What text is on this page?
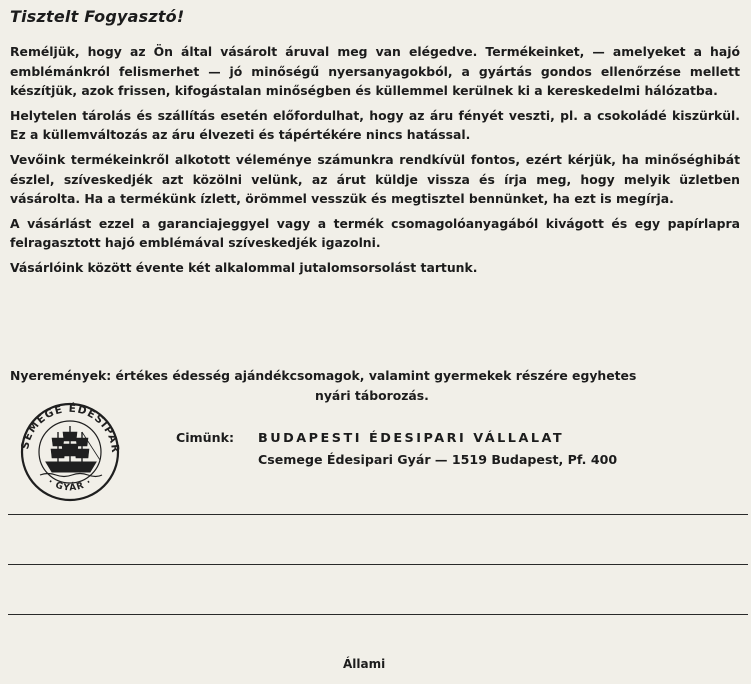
Tisztelt Fogyasztó!

Reméljük, hogy az Ön által vásárolt áruval meg van elégedve. Termékeinket, — amelyeket a hajó emblémánkról felismerhet — jó minőségű nyersanyagokból, a gyártás gondos ellenőrzése mellett készítjük, azok frissen, kifogástalan minőségben és küllemmel kerülnek ki a kereskedelmi hálózatba.

Helytelen tárolás és szállítás esetén előfordulhat, hogy az áru fényét veszti, pl. a csokoládé kiszürkül. Ez a küllemváltozás az áru élvezeti és tápértékére nincs hatással.

Vevőink termékeinkről alkotott véleménye számunkra rendkívül fontos, ezért kérjük, ha minőséghibát észlel, szíveskedjék azt közölni velünk, az árut küldje vissza és írja meg, hogy melyik üzletben vásárolta. Ha a termékünk ízlett, örömmel vesszük és megtisztel bennünket, ha ezt is megírja.

A vásárlást ezzel a garanciajeggyel vagy a termék csomagolóanyagából kivágott és egy papírlapra felragasztott hajó emblémával szíveskedjék igazolni.

Vásárlóink között évente két alkalommal jutalomsorsolást tartunk.

Nyeremények: értékes édesség ajándékcsomagok, valamint gyermekek részére egyhetes
nyári táborozás.
SEMEGE ÉDESIPAR
· GYÁR ·
Cimünk: BUDAPESTI ÉDESIPARI VÁLLALAT
Csemege Édesipari Gyár — 1519 Budapest, Pf. 400
Állami
